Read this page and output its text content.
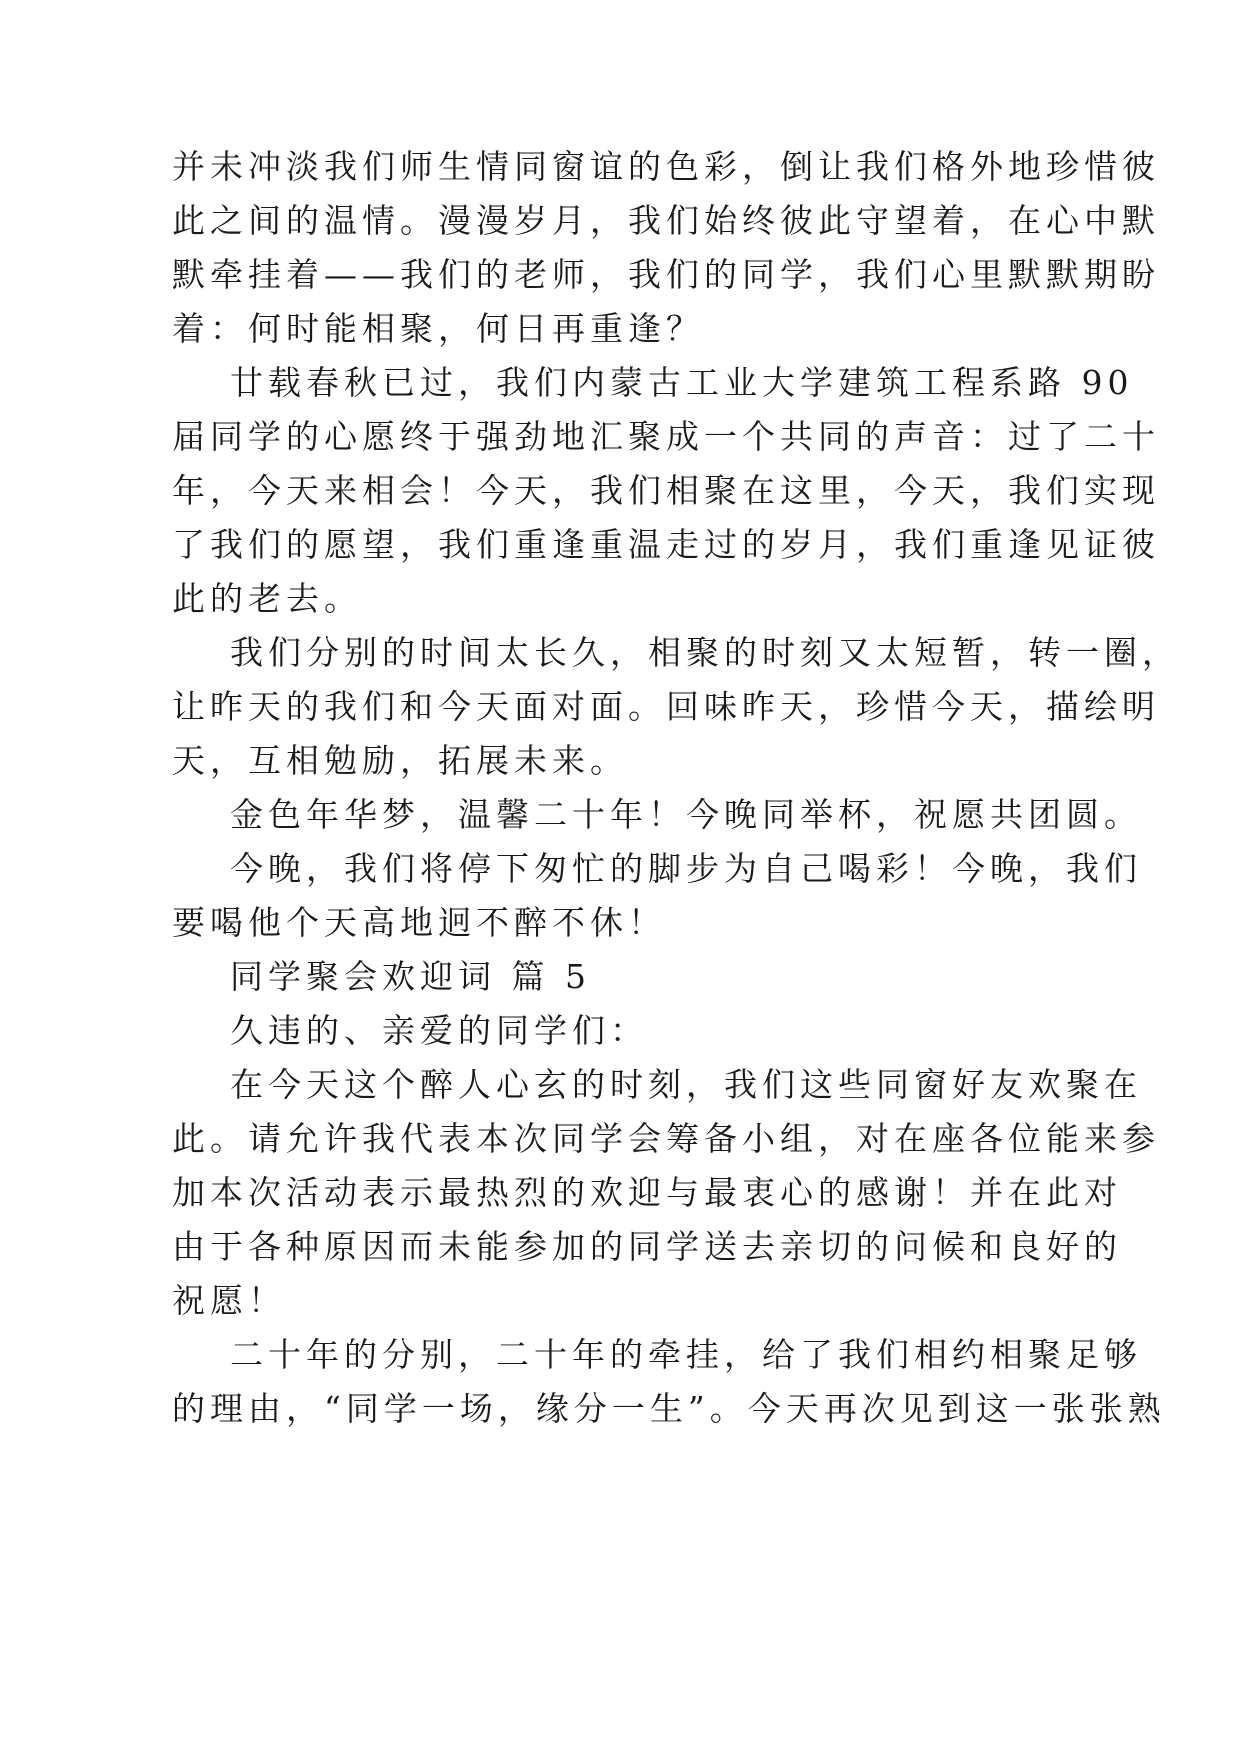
并未冲淡我们师生情同窗谊的色彩，倒让我们格外地珍惜彼
此之间的温情。漫漫岁月，我们始终彼此守望着，在心中默
默牵挂着——我们的老师，我们的同学，我们心里默默期盼
着：何时能相聚，何日再重逢？
廿载春秋已过，我们内蒙古工业大学建筑工程系路 90
届同学的心愿终于强劲地汇聚成一个共同的声音：过了二十
年，今天来相会！今天，我们相聚在这里，今天，我们实现
了我们的愿望，我们重逢重温走过的岁月，我们重逢见证彼
此的老去。
我们分别的时间太长久，相聚的时刻又太短暂，转一圈，
让昨天的我们和今天面对面。回味昨天，珍惜今天，描绘明
天，互相勉励，拓展未来。
金色年华梦，温馨二十年！今晚同举杯，祝愿共团圆。
今晚，我们将停下匆忙的脚步为自己喝彩！今晚，我们
要喝他个天高地迥不醉不休！
同学聚会欢迎词 篇 5
久违的、亲爱的同学们：
在今天这个醉人心玄的时刻，我们这些同窗好友欢聚在
此。请允许我代表本次同学会筹备小组，对在座各位能来参
加本次活动表示最热烈的欢迎与最衷心的感谢！并在此对
由于各种原因而未能参加的同学送去亲切的问候和良好的
祝愿！
二十年的分别，二十年的牵挂，给了我们相约相聚足够
的理由，“同学一场，缘分一生”。今天再次见到这一张张熟
